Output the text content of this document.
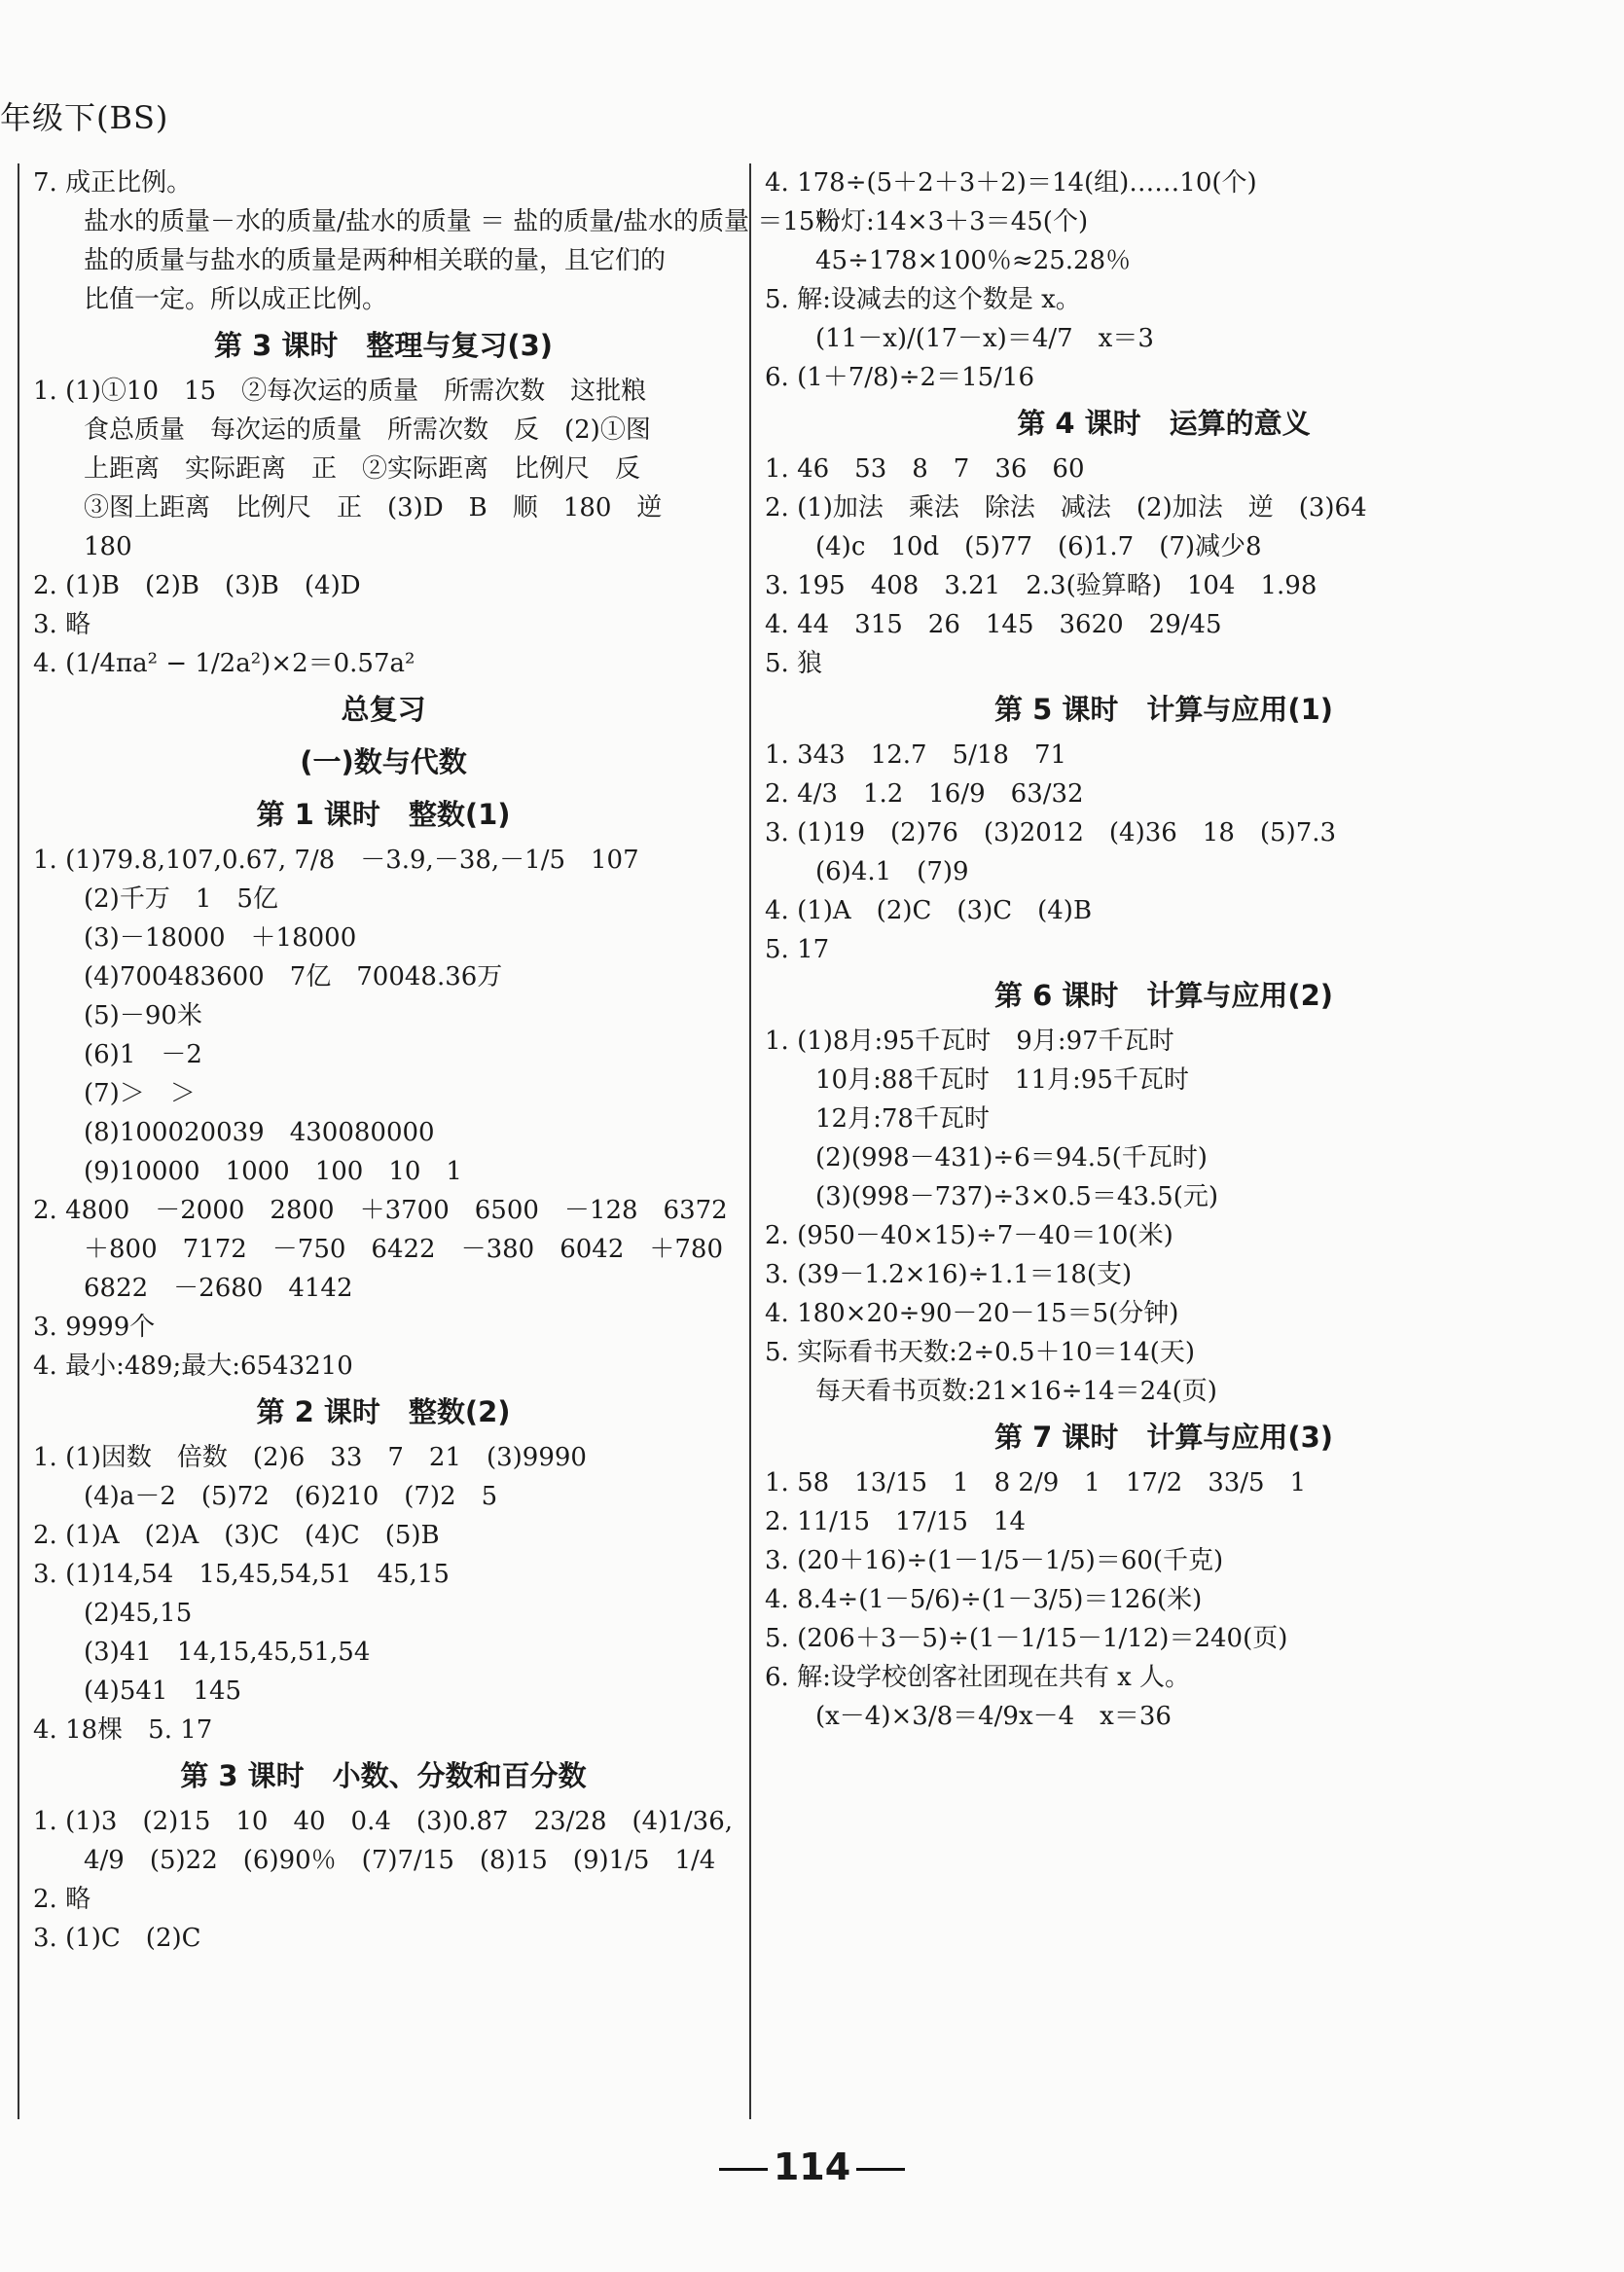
年级下(BS)
7. 成正比例。
盐水的质量－水的质量/盐水的质量 ＝ 盐的质量/盐水的质量 ＝15％
盐的质量与盐水的质量是两种相关联的量，且它们的
比值一定。所以成正比例。
第 3 课时　整理与复习(3)
1. (1)①10　15　②每次运的质量　所需次数　这批粮
食总质量　每次运的质量　所需次数　反　(2)①图
上距离　实际距离　正　②实际距离　比例尺　反
③图上距离　比例尺　正　(3)D　B　顺　180　逆
180
2. (1)B　(2)B　(3)B　(4)D
3. 略
4. (1/4πa² − 1/2a²)×2＝0.57a²
总复习
(一)数与代数
第 1 课时　整数(1)
1. (1)79.8,107,0.67̇, 7/8　－3.9,－38,－1/5　107
(2)千万　1　5亿
(3)－18000　＋18000
(4)700483600　7亿　70048.36万
(5)－90米
(6)1　－2
(7)＞　＞
(8)100020039　430080000
(9)10000　1000　100　10　1
2. 4800　－2000　2800　＋3700　6500　－128　6372
＋800　7172　－750　6422　－380　6042　＋780
6822　－2680　4142
3. 9999个
4. 最小:489;最大:6543210
第 2 课时　整数(2)
1. (1)因数　倍数　(2)6　33　7　21　(3)9990
(4)a－2　(5)72　(6)210　(7)2　5
2. (1)A　(2)A　(3)C　(4)C　(5)B
3. (1)14,54　15,45,54,51　45,15
(2)45,15
(3)41　14,15,45,51,54
(4)541　145
4. 18棵　5. 17
第 3 课时　小数、分数和百分数
1. (1)3　(2)15　10　40　0.4　(3)0.8̇7̇　23/28　(4)1/36,
4/9　(5)22　(6)90％　(7)7/15　(8)15　(9)1/5　1/4
2. 略
3. (1)C　(2)C
4. 178÷(5＋2＋3＋2)＝14(组)……10(个)
粉灯:14×3＋3＝45(个)
45÷178×100％≈25.28％
5. 解:设减去的这个数是 x。
(11－x)/(17－x)＝4/7　x＝3
6. (1＋7/8)÷2＝15/16
第 4 课时　运算的意义
1. 46　53　8　7　36　60
2. (1)加法　乘法　除法　减法　(2)加法　逆　(3)64
(4)c　10d　(5)77　(6)1.7　(7)减少8
3. 195　408　3.21　2.3(验算略)　104　1.98
4. 44　315　26　145　3620　29/45
5. 狼
第 5 课时　计算与应用(1)
1. 343　12.7　5/18　71
2. 4/3　1.2　16/9　63/32
3. (1)19　(2)76　(3)2012　(4)36　18　(5)7.3
(6)4.1　(7)9
4. (1)A　(2)C　(3)C　(4)B
5. 17
第 6 课时　计算与应用(2)
1. (1)8月:95千瓦时　9月:97千瓦时
10月:88千瓦时　11月:95千瓦时
12月:78千瓦时
(2)(998－431)÷6＝94.5(千瓦时)
(3)(998－737)÷3×0.5＝43.5(元)
2. (950－40×15)÷7－40＝10(米)
3. (39－1.2×16)÷1.1＝18(支)
4. 180×20÷90－20－15＝5(分钟)
5. 实际看书天数:2÷0.5＋10＝14(天)
每天看书页数:21×16÷14＝24(页)
第 7 课时　计算与应用(3)
1. 58　13/15　1　8 2/9　1　17/2　33/5　1
2. 11/15　17/15　14
3. (20＋16)÷(1－1/5－1/5)＝60(千克)
4. 8.4÷(1－5/6)÷(1－3/5)＝126(米)
5. (206＋3－5)÷(1－1/15－1/12)＝240(页)
6. 解:设学校创客社团现在共有 x 人。
(x－4)×3/8＝4/9x－4　x＝36
114
